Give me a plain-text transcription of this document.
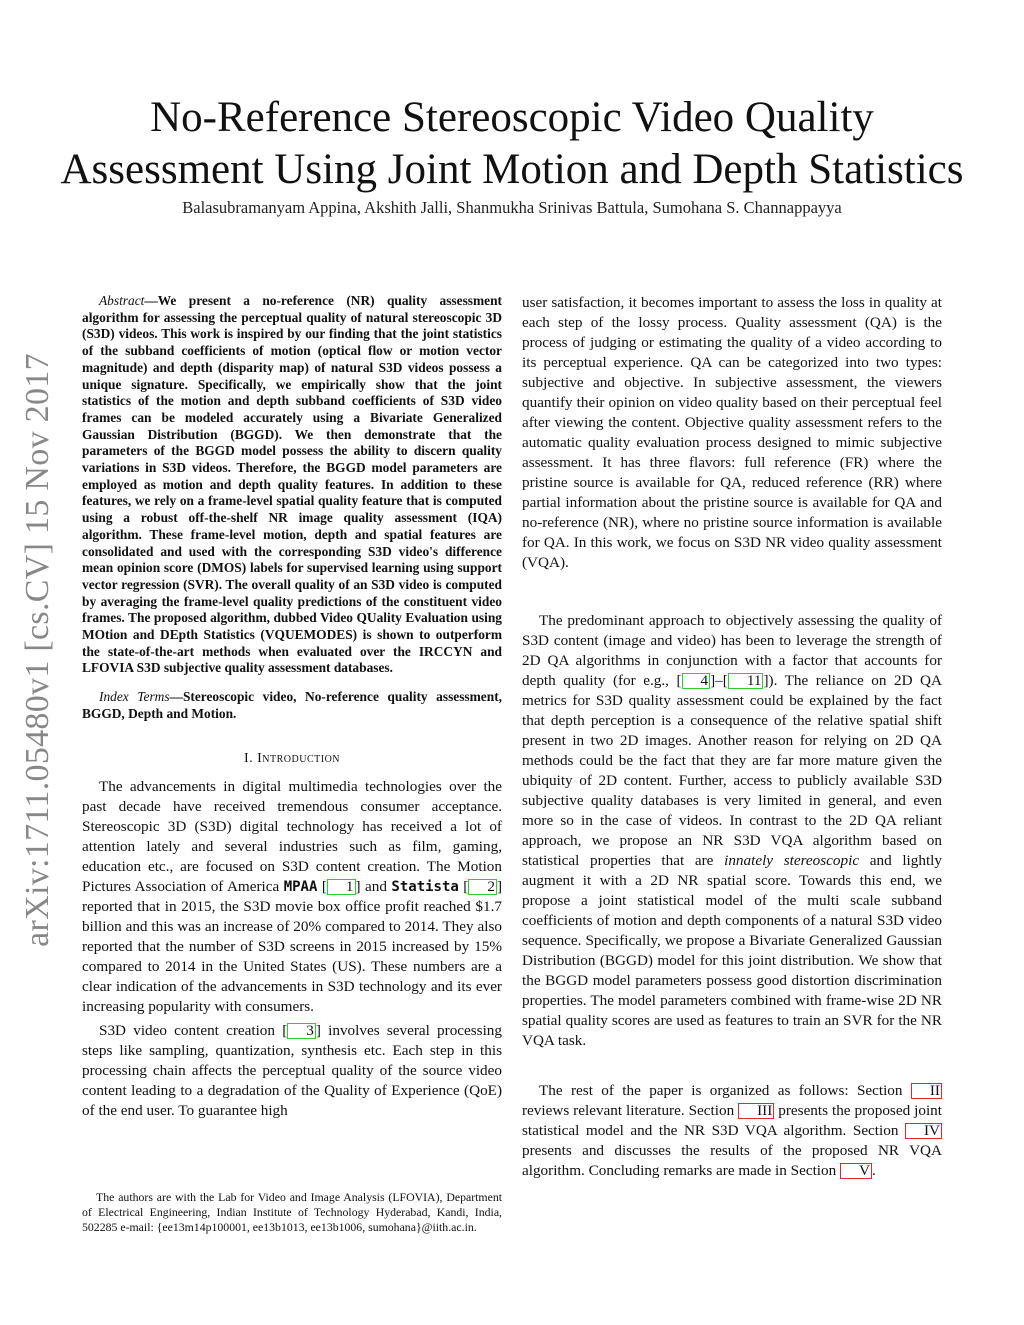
arXiv:1711.05480v1 [cs.CV] 15 Nov 2017
No-Reference Stereoscopic Video Quality
Assessment Using Joint Motion and Depth Statistics
Balasubramanyam Appina, Akshith Jalli, Shanmukha Srinivas Battula, Sumohana S. Channappayya

Abstract—We present a no-reference (NR) quality assessment algorithm for assessing the perceptual quality of natural stereoscopic 3D (S3D) videos. This work is inspired by our finding that the joint statistics of the subband coefficients of motion (optical flow or motion vector magnitude) and depth (disparity map) of natural S3D videos possess a unique signature. Specifically, we empirically show that the joint statistics of the motion and depth subband coefficients of S3D video frames can be modeled accurately using a Bivariate Generalized Gaussian Distribution (BGGD). We then demonstrate that the parameters of the BGGD model possess the ability to discern quality variations in S3D videos. Therefore, the BGGD model parameters are employed as motion and depth quality features. In addition to these features, we rely on a frame-level spatial quality feature that is computed using a robust off-the-shelf NR image quality assessment (IQA) algorithm. These frame-level motion, depth and spatial features are consolidated and used with the corresponding S3D video's difference mean opinion score (DMOS) labels for supervised learning using support vector regression (SVR). The overall quality of an S3D video is computed by averaging the frame-level quality predictions of the constituent video frames. The proposed algorithm, dubbed Video QUality Evaluation using MOtion and DEpth Statistics (VQUEMODES) is shown to outperform the state-of-the-art methods when evaluated over the IRCCYN and LFOVIA S3D subjective quality assessment databases.

Index Terms—Stereoscopic video, No-reference quality assessment, BGGD, Depth and Motion.

I. Introduction

The advancements in digital multimedia technologies over the past decade have received tremendous consumer acceptance. Stereoscopic 3D (S3D) digital technology has received a lot of attention lately and several industries such as film, gaming, education etc., are focused on S3D content creation. The Motion Pictures Association of America MPAA [ 1 ] and Statista [ 2 ] reported that in 2015, the S3D movie box office profit reached $1.7 billion and this was an increase of 20% compared to 2014. They also reported that the number of S3D screens in 2015 increased by 15% compared to 2014 in the United States (US). These numbers are a clear indication of the advancements in S3D technology and its ever increasing popularity with consumers.

S3D video content creation [ 3 ] involves several processing steps like sampling, quantization, synthesis etc. Each step in this processing chain affects the perceptual quality of the source video content leading to a degradation of the Quality of Experience (QoE) of the end user. To guarantee high

The authors are with the Lab for Video and Image Analysis (LFOVIA), Department of Electrical Engineering, Indian Institute of Technology Hyderabad, Kandi, India, 502285 e-mail: {ee13m14p100001, ee13b1013, ee13b1006, sumohana}@iith.ac.in.

user satisfaction, it becomes important to assess the loss in quality at each step of the lossy process. Quality assessment (QA) is the process of judging or estimating the quality of a video according to its perceptual experience. QA can be categorized into two types: subjective and objective. In subjective assessment, the viewers quantify their opinion on video quality based on their perceptual feel after viewing the content. Objective quality assessment refers to the automatic quality evaluation process designed to mimic subjective assessment. It has three flavors: full reference (FR) where the pristine source is available for QA, reduced reference (RR) where partial information about the pristine source is available for QA and no-reference (NR), where no pristine source information is available for QA. In this work, we focus on S3D NR video quality assessment (VQA).

The predominant approach to objectively assessing the quality of S3D content (image and video) has been to leverage the strength of 2D QA algorithms in conjunction with a factor that accounts for depth quality (for e.g., [ 4 ]–[ 11 ]). The reliance on 2D QA metrics for S3D quality assessment could be explained by the fact that depth perception is a consequence of the relative spatial shift present in two 2D images. Another reason for relying on 2D QA methods could be the fact that they are far more mature given the ubiquity of 2D content. Further, access to publicly available S3D subjective quality databases is very limited in general, and even more so in the case of videos. In contrast to the 2D QA reliant approach, we propose an NR S3D VQA algorithm based on statistical properties that are innately stereoscopic and lightly augment it with a 2D NR spatial score. Towards this end, we propose a joint statistical model of the multi scale subband coefficients of motion and depth components of a natural S3D video sequence. Specifically, we propose a Bivariate Generalized Gaussian Distribution (BGGD) model for this joint distribution. We show that the BGGD model parameters possess good distortion discrimination properties. The model parameters combined with frame-wise 2D NR spatial quality scores are used as features to train an SVR for the NR VQA task.

The rest of the paper is organized as follows: Section II reviews relevant literature. Section III presents the proposed joint statistical model and the NR S3D VQA algorithm. Section IV presents and discusses the results of the proposed NR VQA algorithm. Concluding remarks are made in Section V .
